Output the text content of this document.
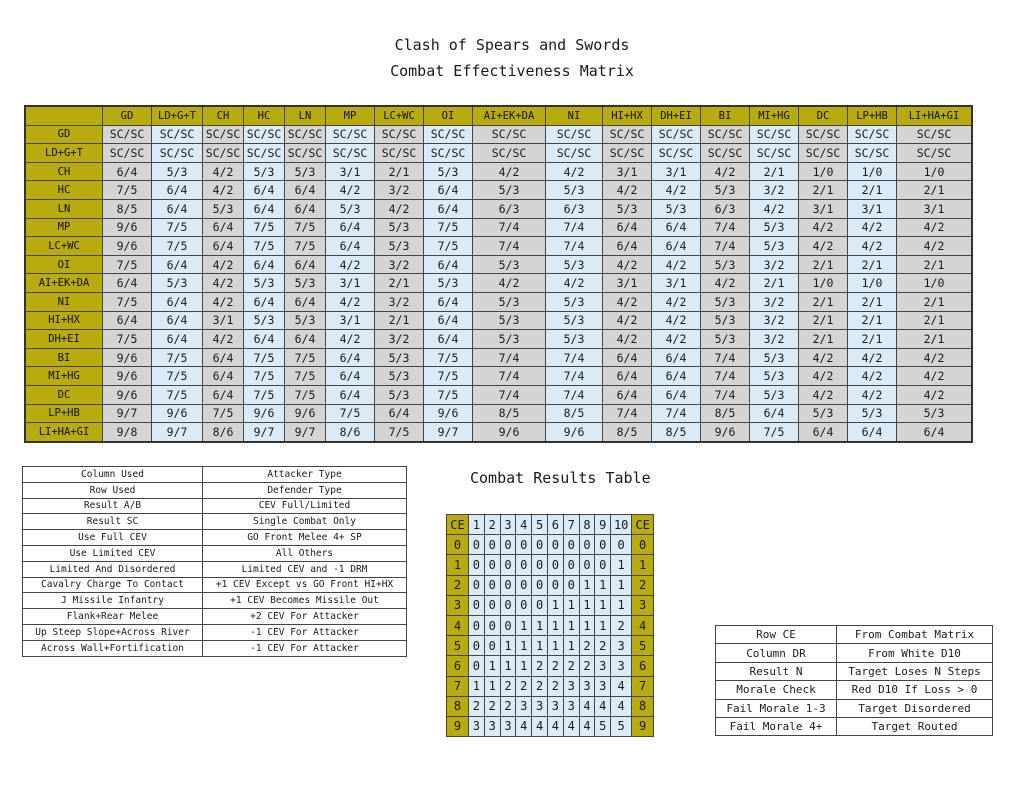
Clash of Spears and Swords
Combat Effectiveness Matrix
	GD	LD+G+T	CH	HC	LN	MP	LC+WC	OI	AI+EK+DA	NI	HI+HX	DH+EI	BI	MI+HG	DC	LP+HB	LI+HA+GI
GD	SC/SC	SC/SC	SC/SC	SC/SC	SC/SC	SC/SC	SC/SC	SC/SC	SC/SC	SC/SC	SC/SC	SC/SC	SC/SC	SC/SC	SC/SC	SC/SC	SC/SC
LD+G+T	SC/SC	SC/SC	SC/SC	SC/SC	SC/SC	SC/SC	SC/SC	SC/SC	SC/SC	SC/SC	SC/SC	SC/SC	SC/SC	SC/SC	SC/SC	SC/SC	SC/SC
CH	6/4	5/3	4/2	5/3	5/3	3/1	2/1	5/3	4/2	4/2	3/1	3/1	4/2	2/1	1/0	1/0	1/0
HC	7/5	6/4	4/2	6/4	6/4	4/2	3/2	6/4	5/3	5/3	4/2	4/2	5/3	3/2	2/1	2/1	2/1
LN	8/5	6/4	5/3	6/4	6/4	5/3	4/2	6/4	6/3	6/3	5/3	5/3	6/3	4/2	3/1	3/1	3/1
MP	9/6	7/5	6/4	7/5	7/5	6/4	5/3	7/5	7/4	7/4	6/4	6/4	7/4	5/3	4/2	4/2	4/2
LC+WC	9/6	7/5	6/4	7/5	7/5	6/4	5/3	7/5	7/4	7/4	6/4	6/4	7/4	5/3	4/2	4/2	4/2
OI	7/5	6/4	4/2	6/4	6/4	4/2	3/2	6/4	5/3	5/3	4/2	4/2	5/3	3/2	2/1	2/1	2/1
AI+EK+DA	6/4	5/3	4/2	5/3	5/3	3/1	2/1	5/3	4/2	4/2	3/1	3/1	4/2	2/1	1/0	1/0	1/0
NI	7/5	6/4	4/2	6/4	6/4	4/2	3/2	6/4	5/3	5/3	4/2	4/2	5/3	3/2	2/1	2/1	2/1
HI+HX	6/4	6/4	3/1	5/3	5/3	3/1	2/1	6/4	5/3	5/3	4/2	4/2	5/3	3/2	2/1	2/1	2/1
DH+EI	7/5	6/4	4/2	6/4	6/4	4/2	3/2	6/4	5/3	5/3	4/2	4/2	5/3	3/2	2/1	2/1	2/1
BI	9/6	7/5	6/4	7/5	7/5	6/4	5/3	7/5	7/4	7/4	6/4	6/4	7/4	5/3	4/2	4/2	4/2
MI+HG	9/6	7/5	6/4	7/5	7/5	6/4	5/3	7/5	7/4	7/4	6/4	6/4	7/4	5/3	4/2	4/2	4/2
DC	9/6	7/5	6/4	7/5	7/5	6/4	5/3	7/5	7/4	7/4	6/4	6/4	7/4	5/3	4/2	4/2	4/2
LP+HB	9/7	9/6	7/5	9/6	9/6	7/5	6/4	9/6	8/5	8/5	7/4	7/4	8/5	6/4	5/3	5/3	5/3
LI+HA+GI	9/8	9/7	8/6	9/7	9/7	8/6	7/5	9/7	9/6	9/6	8/5	8/5	9/6	7/5	6/4	6/4	6/4
Column Used	Attacker Type
Row Used	Defender Type
Result A/B	CEV Full/Limited
Result SC	Single Combat Only
Use Full CEV	GO Front Melee 4+ SP
Use Limited CEV	All Others
Limited And Disordered	Limited CEV and -1 DRM
Cavalry Charge To Contact	+1 CEV Except vs GO Front HI+HX
J Missile Infantry	+1 CEV Becomes Missile Out
Flank+Rear Melee	+2 CEV For Attacker
Up Steep Slope+Across River	-1 CEV For Attacker
Across Wall+Fortification	-1 CEV For Attacker
Combat Results Table
CE	1	2	3	4	5	6	7	8	9	10	CE
0	0	0	0	0	0	0	0	0	0	0	0
1	0	0	0	0	0	0	0	0	0	1	1
2	0	0	0	0	0	0	0	1	1	1	2
3	0	0	0	0	0	1	1	1	1	1	3
4	0	0	0	1	1	1	1	1	1	2	4
5	0	0	1	1	1	1	1	2	2	3	5
6	0	1	1	1	2	2	2	2	3	3	6
7	1	1	2	2	2	2	3	3	3	4	7
8	2	2	2	3	3	3	3	4	4	4	8
9	3	3	3	4	4	4	4	4	5	5	9
Row CE	From Combat Matrix
Column DR	From White D10
Result N	Target Loses N Steps
Morale Check	Red D10 If Loss > 0
Fail Morale 1-3	Target Disordered
Fail Morale 4+	Target Routed
